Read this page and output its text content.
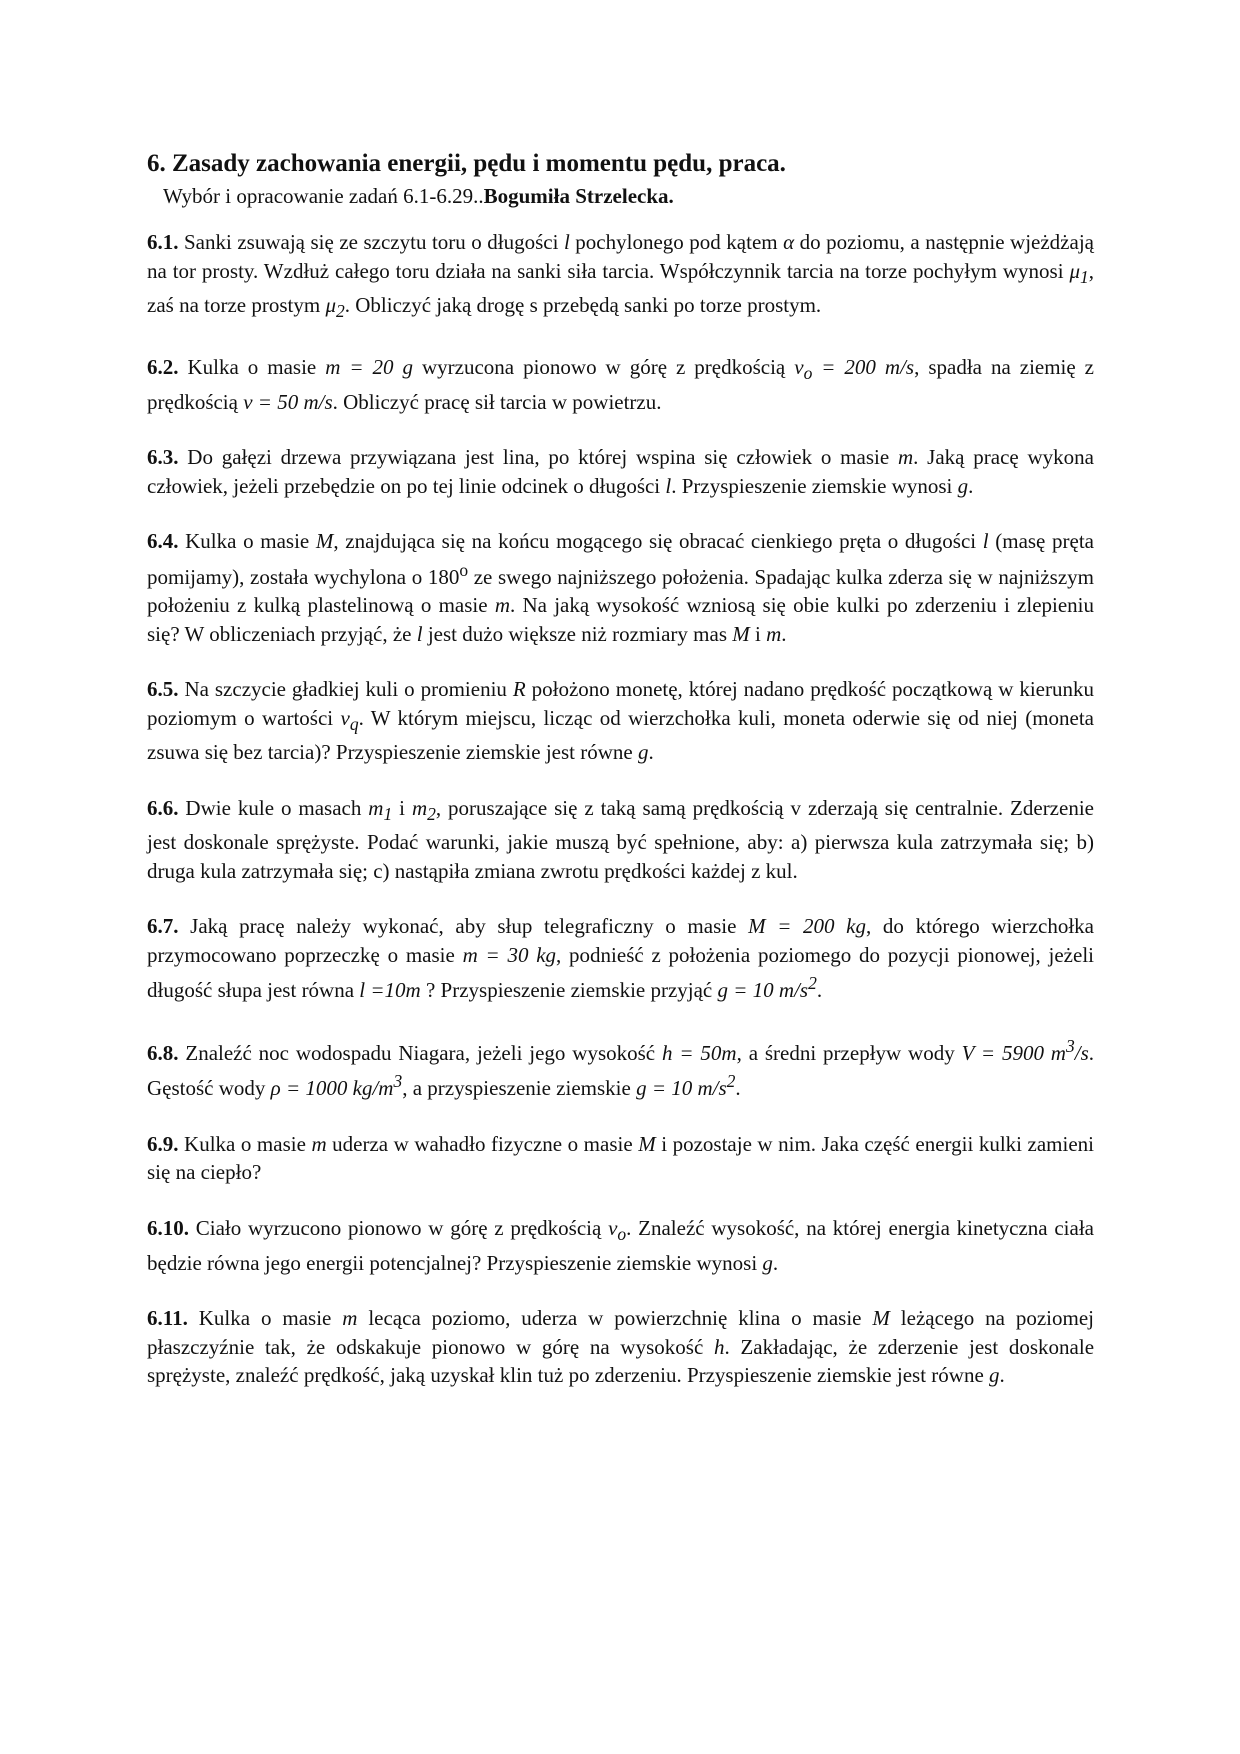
6. Zasady zachowania energii, pędu i momentu pędu, praca.
Wybór i opracowanie zadań 6.1-6.29..Bogumiła Strzelecka.

6.1. Sanki zsuwają się ze szczytu toru o długości l pochylonego pod kątem α do poziomu, a następnie wjeżdżają na tor prosty. Wzdłuż całego toru działa na sanki siła tarcia. Współczynnik tarcia na torze pochyłym wynosi $\mu_1$, zaś na torze prostym $\mu_2$. Obliczyć jaką drogę s przebędą sanki po torze prostym.

6.2. Kulka o masie m = 20 g wyrzucona pionowo w górę z prędkością $v_o = 200$ m/s, spadła na ziemię z prędkością v = 50 m/s. Obliczyć pracę sił tarcia w powietrzu.

6.3. Do gałęzi drzewa przywiązana jest lina, po której wspina się człowiek o masie m. Jaką pracę wykona człowiek, jeżeli przebędzie on po tej linie odcinek o długości l. Przyspieszenie ziemskie wynosi g.

6.4. Kulka o masie M, znajdująca się na końcu mogącego się obracać cienkiego pręta o długości l (masę pręta pomijamy), została wychylona o 180$^o$ ze swego najniższego położenia. Spadając kulka zderza się w najniższym położeniu z kulką plastelinową o masie m. Na jaką wysokość wzniosą się obie kulki po zderzeniu i zlepieniu się? W obliczeniach przyjąć, że l jest dużo większe niż rozmiary mas M i m.

6.5. Na szczycie gładkiej kuli o promieniu R położono monetę, której nadano prędkość początkową w kierunku poziomym o wartości $v_q$. W którym miejscu, licząc od wierzchołka kuli, moneta oderwie się od niej (moneta zsuwa się bez tarcia)? Przyspieszenie ziemskie jest równe g.

6.6. Dwie kule o masach $m_1$ i $m_2$, poruszające się z taką samą prędkością v zderzają się centralnie. Zderzenie jest doskonale sprężyste. Podać warunki, jakie muszą być spełnione, aby: a) pierwsza kula zatrzymała się; b) druga kula zatrzymała się; c) nastąpiła zmiana zwrotu prędkości każdej z kul.

6.7. Jaką pracę należy wykonać, aby słup telegraficzny o masie M = 200 kg, do którego wierzchołka przymocowano poprzeczkę o masie m = 30 kg, podnieść z położenia poziomego do pozycji pionowej, jeżeli długość słupa jest równa l =10m ? Przyspieszenie ziemskie przyjąć g = 10 $m/s^2$.

6.8. Znaleźć noc wodospadu Niagara, jeżeli jego wysokość h = 50m, a średni przepływ wody V = 5900 $m^3/s$. Gęstość wody ρ = 1000 $kg/m^3$, a przyspieszenie ziemskie g = 10 $m/s^2$.

6.9. Kulka o masie m uderza w wahadło fizyczne o masie M i pozostaje w nim. Jaka część energii kulki zamieni się na ciepło?

6.10. Ciało wyrzucono pionowo w górę z prędkością $v_o$. Znaleźć wysokość, na której energia kinetyczna ciała będzie równa jego energii potencjalnej? Przyspieszenie ziemskie wynosi g.

6.11. Kulka o masie m lecąca poziomo, uderza w powierzchnię klina o masie M leżącego na poziomej płaszczyźnie tak, że odskakuje pionowo w górę na wysokość h. Zakładając, że zderzenie jest doskonale sprężyste, znaleźć prędkość, jaką uzyskał klin tuż po zderzeniu. Przyspieszenie ziemskie jest równe g.
